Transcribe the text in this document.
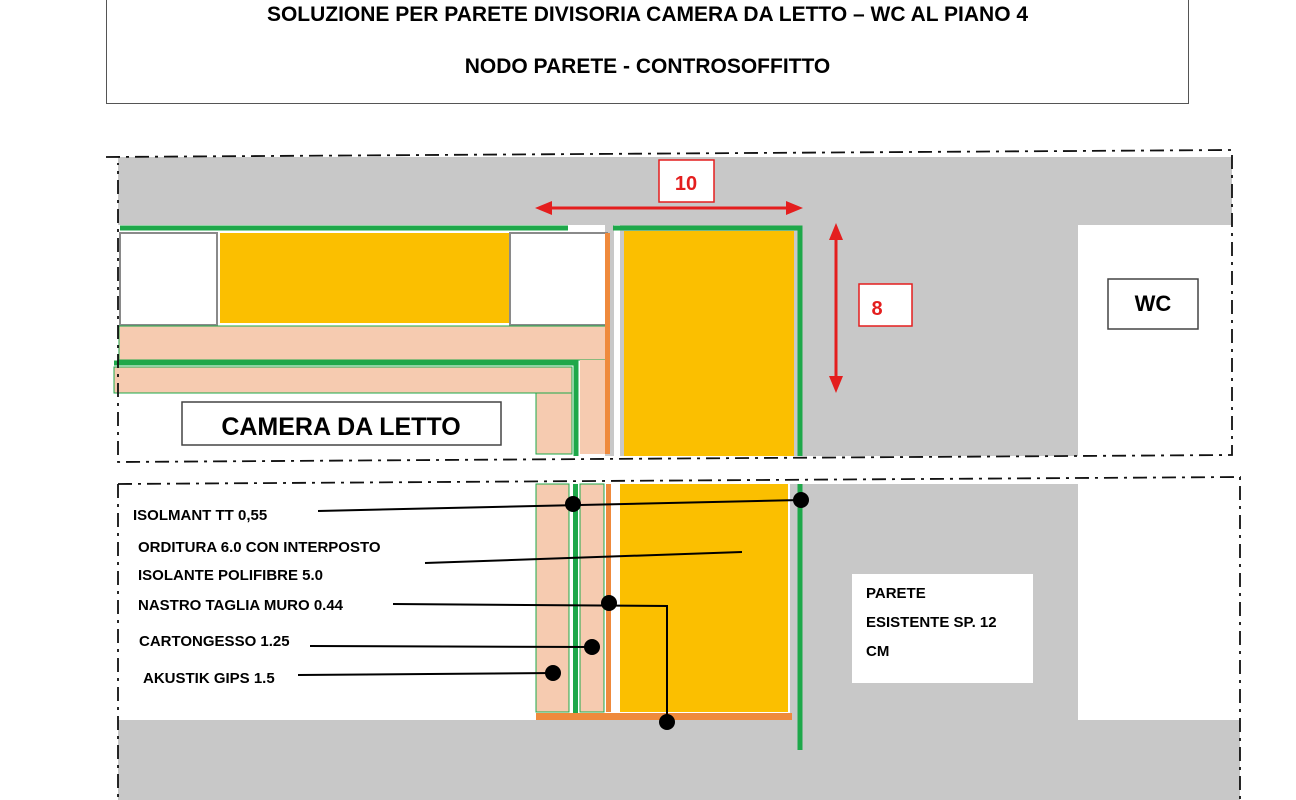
SOLUZIONE PER PARETE DIVISORIA CAMERA DA LETTO – WC AL PIANO 4
NODO PARETE - CONTROSOFFITTO
WC
CAMERA DA LETTO
10
8
PARETE
ESISTENTE SP. 12
CM
ISOLMANT TT 0,55
ORDITURA 6.0 CON INTERPOSTO
ISOLANTE POLIFIBRE 5.0
NASTRO TAGLIA MURO 0.44
CARTONGESSO 1.25
AKUSTIK GIPS 1.5
